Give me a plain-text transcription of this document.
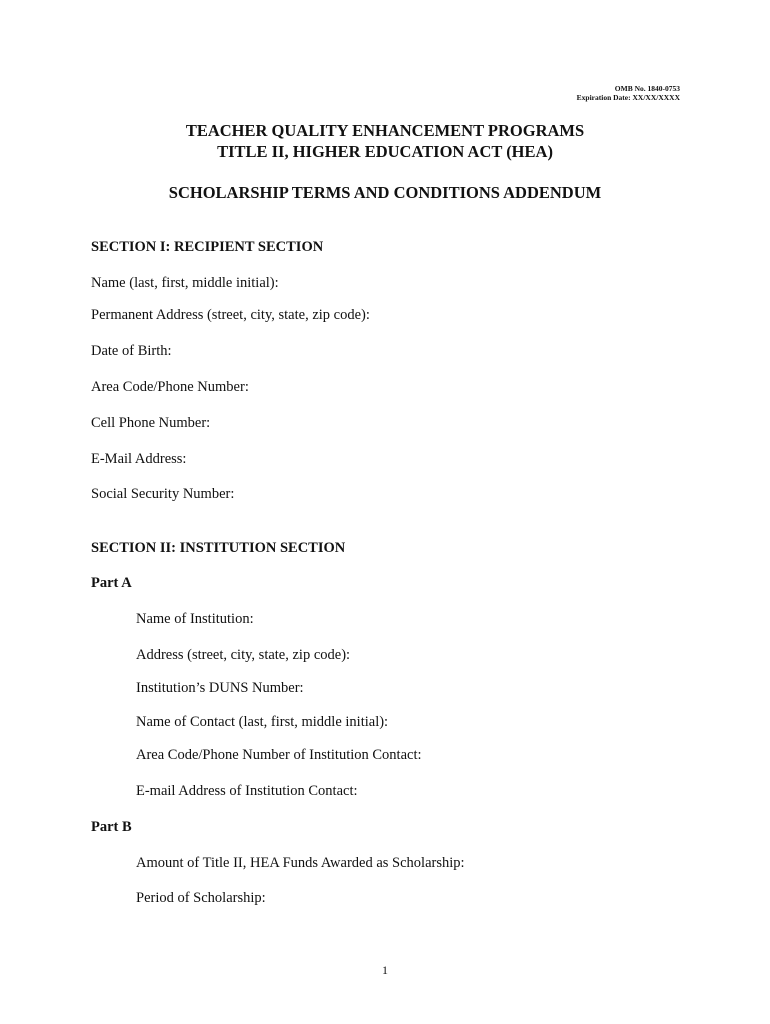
OMB No. 1840-0753
Expiration Date: XX/XX/XXXX
TEACHER QUALITY ENHANCEMENT PROGRAMS
TITLE II, HIGHER EDUCATION ACT (HEA)
SCHOLARSHIP TERMS AND CONDITIONS ADDENDUM
SECTION I: RECIPIENT SECTION
Name (last, first, middle initial):
Permanent Address (street, city, state, zip code):
Date of Birth:
Area Code/Phone Number:
Cell Phone Number:
E-Mail Address:
Social Security Number:
SECTION II: INSTITUTION SECTION
Part A
Name of Institution:
Address (street, city, state, zip code):
Institution’s DUNS Number:
Name of Contact (last, first, middle initial):
Area Code/Phone Number of Institution Contact:
E-mail Address of Institution Contact:
Part B
Amount of Title II, HEA Funds Awarded as Scholarship:
Period of Scholarship:
1
